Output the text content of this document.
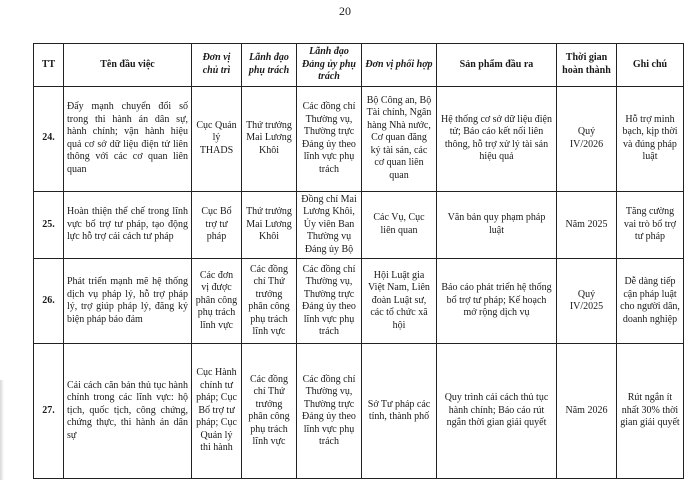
20
TT	Tên đầu việc	Đơn vị chủ trì	Lãnh đạo phụ trách	Lãnh đạo Đảng ủy phụ trách	Đơn vị phối hợp	Sản phẩm đầu ra	Thời gian hoàn thành	Ghi chú
24.	Đẩy mạnh chuyển đổi số trong thi hành án dân sự, hành chính; vận hành hiệu quả cơ sở dữ liệu điện tử liên thông với các cơ quan liên quan	Cục Quản lý THADS	Thứ trưởng Mai Lương Khôi	Các đồng chí Thường vụ, Thường trực Đảng ủy theo lĩnh vực phụ trách	Bộ Công an, Bộ Tài chính, Ngân hàng Nhà nước, Cơ quan đăng ký tài sản, các cơ quan liên quan	Hệ thống cơ sở dữ liệu điện tử; Báo cáo kết nối liên thông, hỗ trợ xử lý tài sản hiệu quả	Quý IV/2026	Hỗ trợ minh bạch, kịp thời và đúng pháp luật
25.	Hoàn thiện thể chế trong lĩnh vực bổ trợ tư pháp, tạo động lực hỗ trợ cải cách tư pháp	Cục Bổ trợ tư pháp	Thứ trưởng Mai Lương Khôi	Đồng chí Mai Lương Khôi, Ủy viên Ban Thường vụ Đảng ủy Bộ	Các Vụ, Cục liên quan	Văn bản quy phạm pháp luật	Năm 2025	Tăng cường vai trò bổ trợ tư pháp
26.	Phát triển mạnh mẽ hệ thống dịch vụ pháp lý, hỗ trợ pháp lý, trợ giúp pháp lý, đăng ký biện pháp bảo đảm	Các đơn vị được phân công phụ trách lĩnh vực	Các đồng chí Thứ trưởng phân công phụ trách lĩnh vực	Các đồng chí Thường vụ, Thường trực Đảng ủy theo lĩnh vực phụ trách	Hội Luật gia Việt Nam, Liên đoàn Luật sư, các tổ chức xã hội	Báo cáo phát triển hệ thống bổ trợ tư pháp; Kế hoạch mở rộng dịch vụ	Quý IV/2025	Dễ dàng tiếp cận pháp luật cho người dân, doanh nghiệp
27.	Cải cách căn bản thủ tục hành chính trong các lĩnh vực: hộ tịch, quốc tịch, công chứng, chứng thực, thi hành án dân sự	Cục Hành chính tư pháp; Cục Bổ trợ tư pháp; Cục Quản lý thi hành	Các đồng chí Thứ trưởng phân công phụ trách lĩnh vực	Các đồng chí Thường vụ, Thường trực Đảng ủy theo lĩnh vực phụ trách	Sở Tư pháp các tỉnh, thành phố	Quy trình cải cách thủ tục hành chính; Báo cáo rút ngắn thời gian giải quyết	Năm 2026	Rút ngắn ít nhất 30% thời gian giải quyết
